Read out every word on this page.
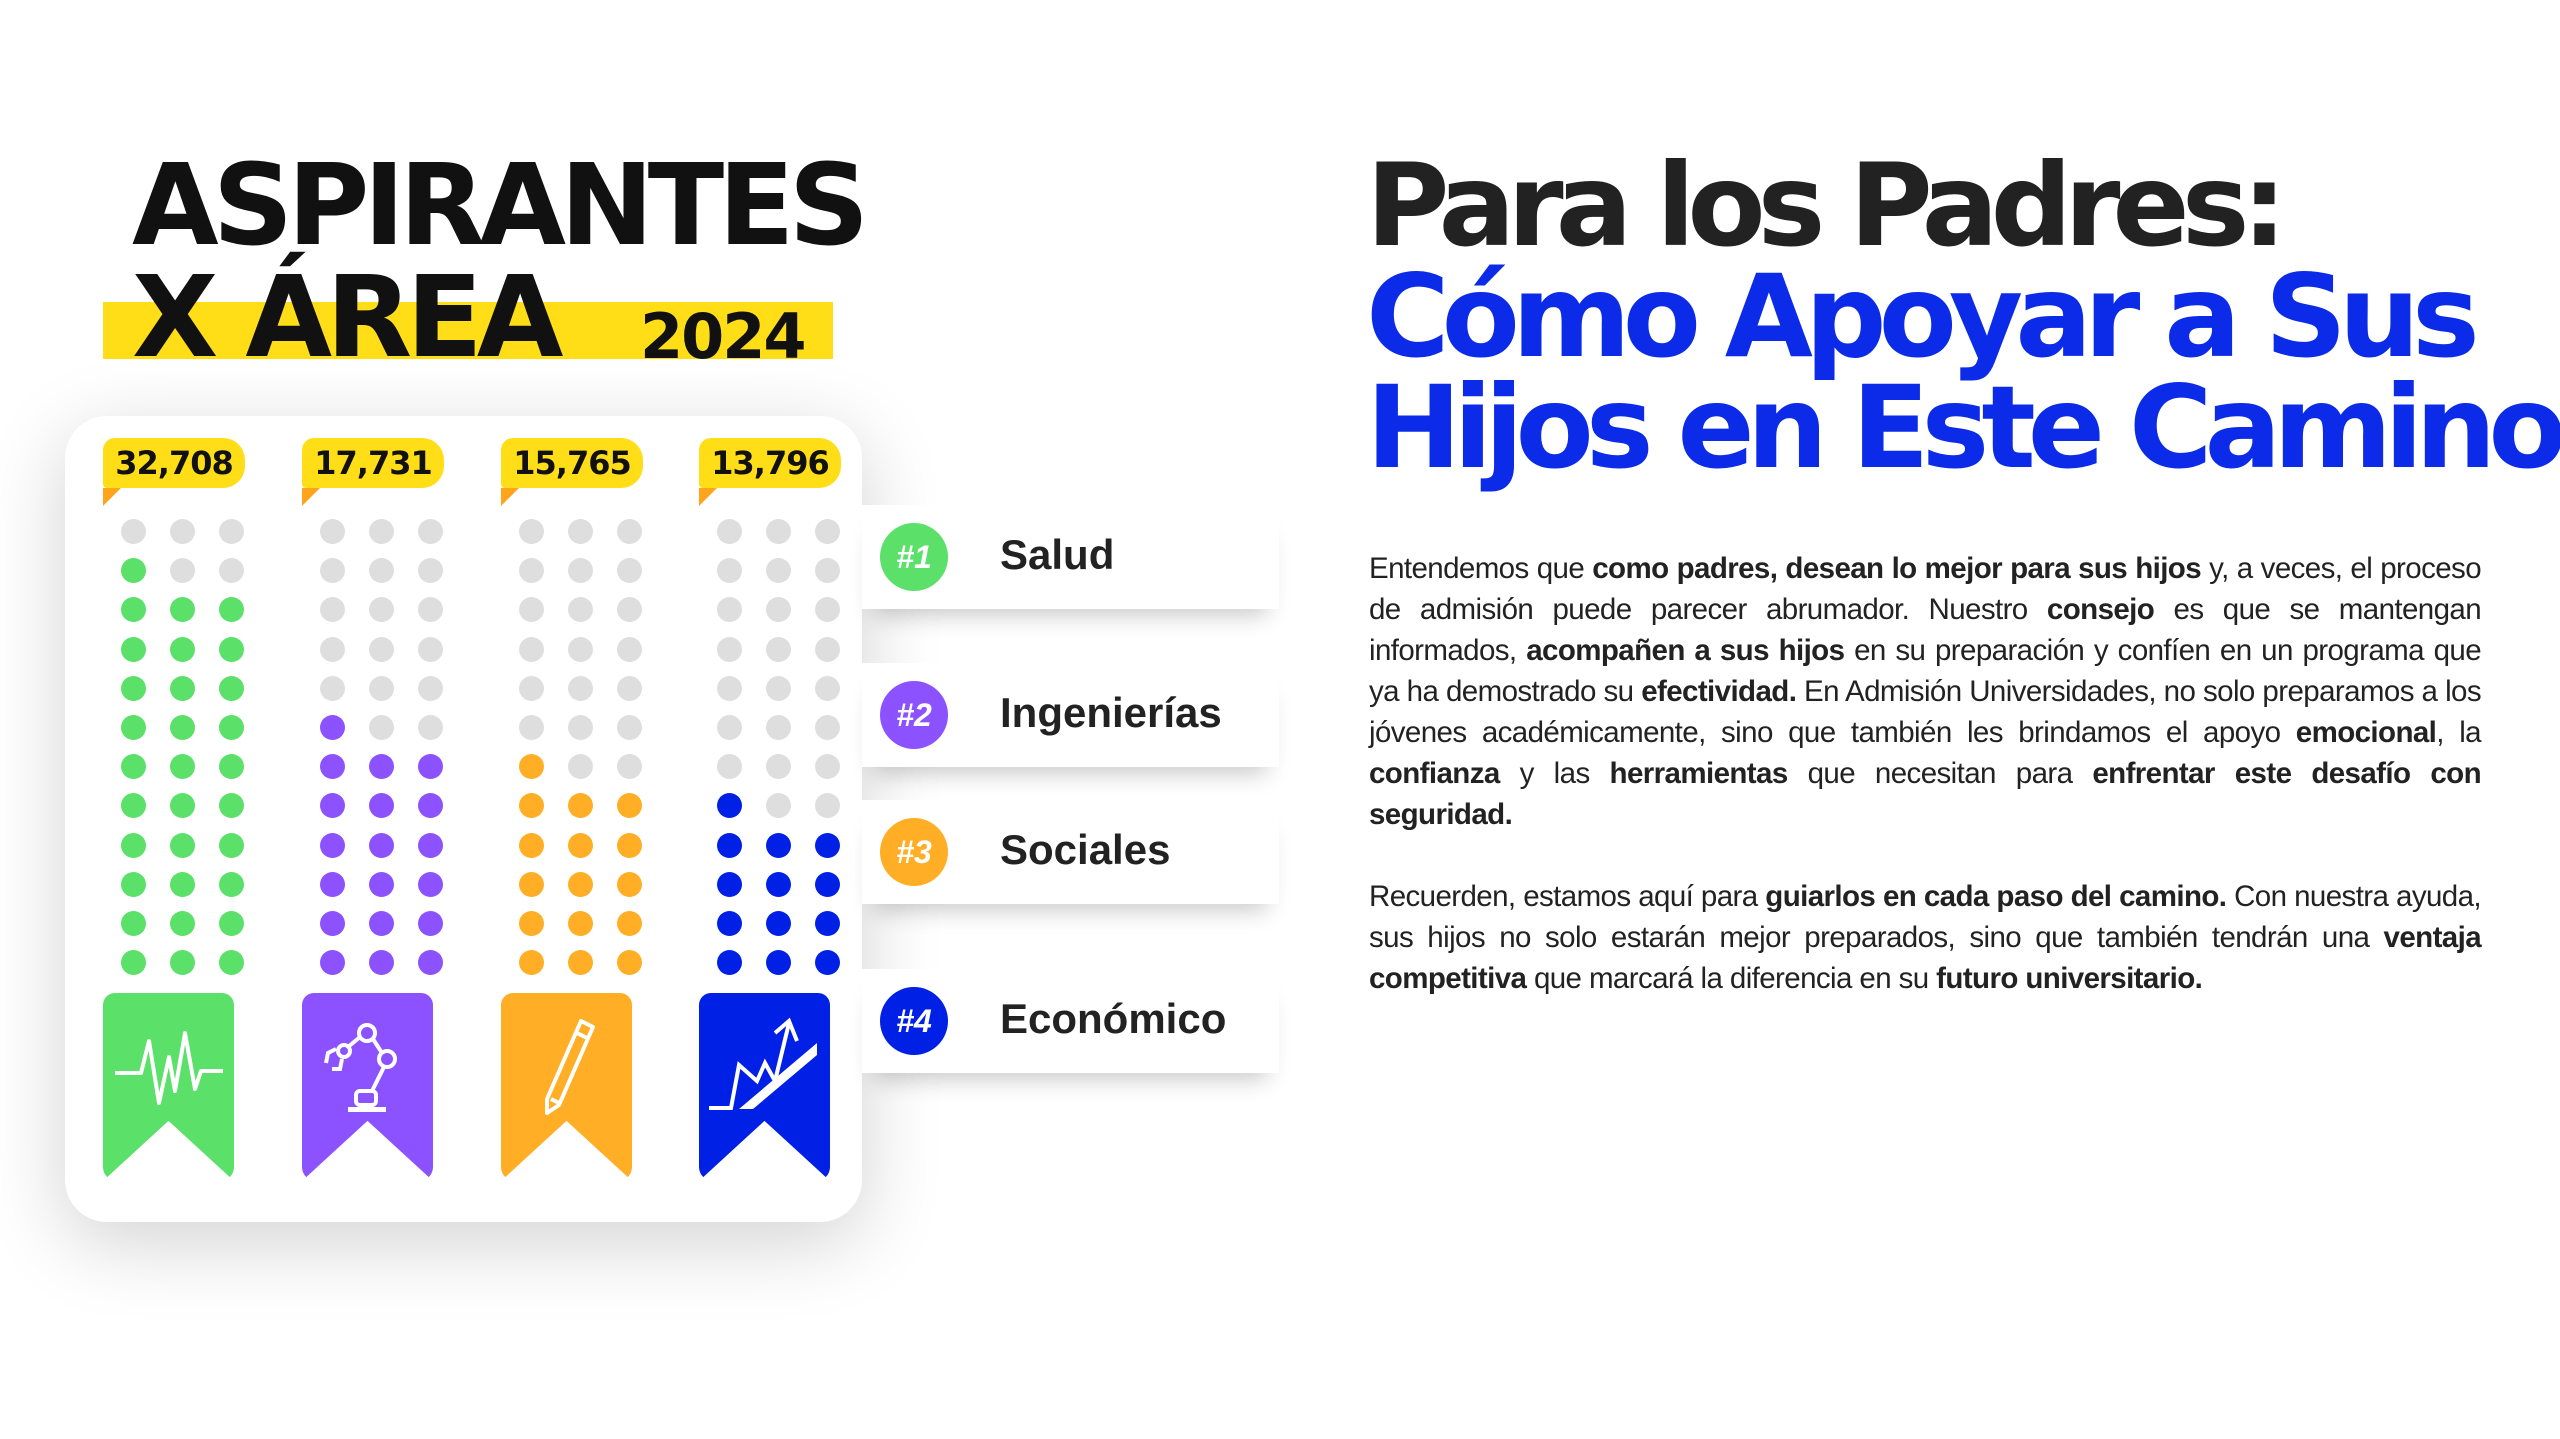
ASPIRANTES
X ÁREA 2024
32,708	17,731	15,765	13,796
#1	Salud
#2	Ingenierías
#3	Sociales
#4	Económico
Para los Padres:
Cómo Apoyar a Sus
Hijos en Este Camino

Entendemos que como padres, desean lo mejor para sus hijos y, a veces, el proceso de admisión puede parecer abrumador. Nuestro consejo es que se mantengan informados, acompañen a sus hijos en su preparación y confíen en un programa que ya ha demostrado su efectividad. En Admisión Universidades, no solo preparamos a los jóvenes académicamente, sino que también les brindamos el apoyo emocional, la confianza y las herramientas que necesitan para enfrentar este desafío con seguridad.

Recuerden, estamos aquí para guiarlos en cada paso del camino. Con nuestra ayuda, sus hijos no solo estarán mejor preparados, sino que también tendrán una ventaja competitiva que marcará la diferencia en su futuro universitario.
